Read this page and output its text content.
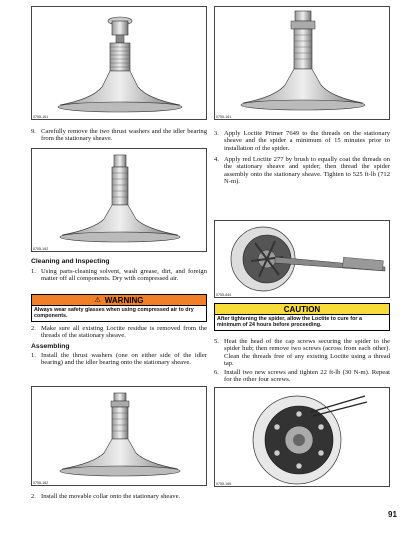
0755-161
9. Carefully remove the two thrust washers and the idler bearing from the stationary sheave.
0755-162
Cleaning and Inspecting
1. Using parts-cleaning solvent, wash grease, dirt, and foreign matter off all components. Dry with compressed air.
⚠ WARNING
Always wear safety glasses when using compressed air to dry components.
2. Make sure all existing Loctite residue is removed from the threads of the stationary sheave.
Assembling
1. Install the thrust washers (one on either side of the idler bearing) and the idler bearing onto the stationary sheave.
0755-162
2. Install the movable collar onto the stationary sheave.
0755-161
3. Apply Loctite Primer 7649 to the threads on the stationary sheave and the spider a minimum of 15 minutes prior to installation of the spider.
4. Apply red Loctite 277 by brush to equally coat the threads on the stationary sheave and spider; then thread the spider assembly onto the stationary sheave. Tighten to 525 ft-lb (712 N-m).
0755-644
CAUTION
After tightening the spider, allow the Loctite to cure for a minimum of 24 hours before proceeding.
5. Heat the head of the cap screws securing the spider to the spider hub; then remove two screws (across from each other). Clean the threads free of any existing Loctite using a thread tap.
6. Install two new screws and tighten 22 ft-lb (30 N-m). Repeat for the other four screws.
0755-165
91
